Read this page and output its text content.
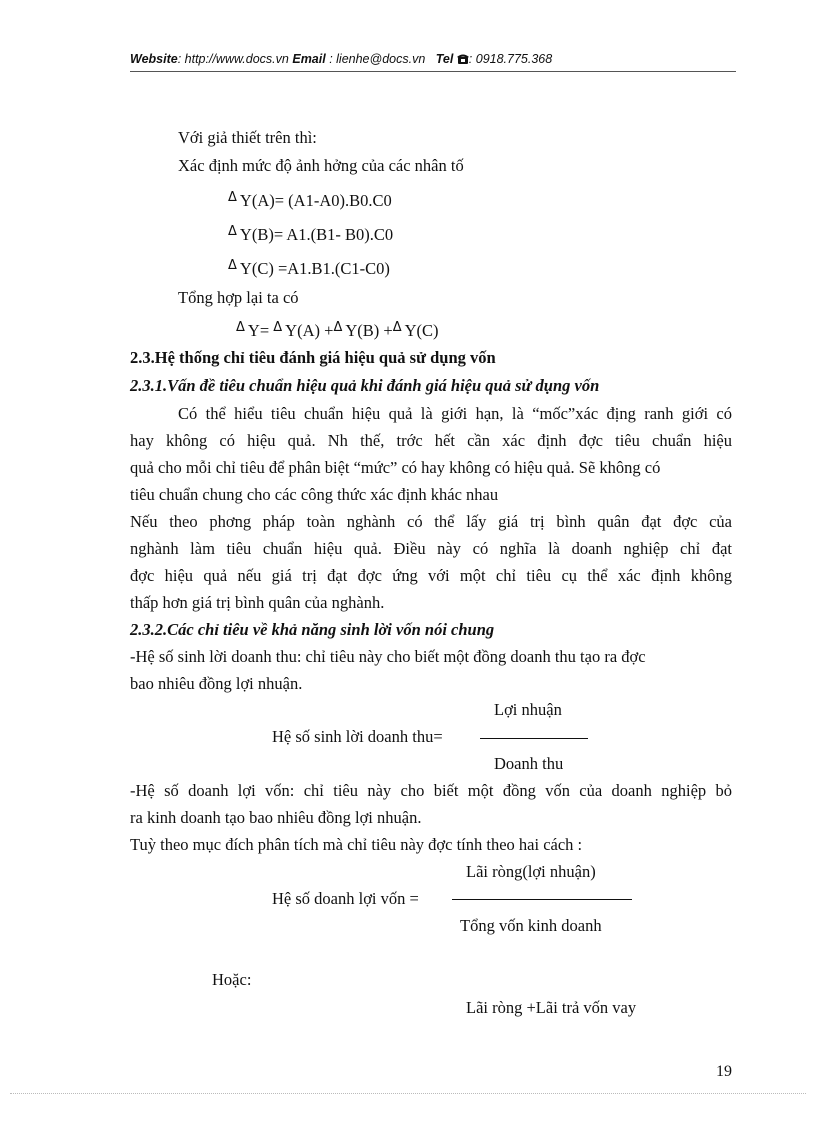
Website: http://www.docs.vn Email : lienhe@docs.vn Tel : 0918.775.368
Với giả thiết trên thì:
Xác định mức độ ảnh hởng của các nhân tố
$^\Delta$ Y(A)= (A1-A0).B0.C0
$^\Delta$ Y(B)= A1.(B1- B0).C0
$^\Delta$ Y(C) =A1.B1.(C1-C0)
Tổng hợp lại ta có
$^\Delta$ Y= $^\Delta$ Y(A) +$^\Delta$ Y(B) +$^\Delta$ Y(C)
2.3.Hệ thống chỉ tiêu đánh giá hiệu quả sử dụng vốn
2.3.1.Vấn đề tiêu chuẩn hiệu quả khi đánh giá hiệu quả sử dụng vốn
Có thể hiểu tiêu chuẩn hiệu quả là giới hạn, là “mốc”xác địng ranh giới có
hay không có hiệu quả. Nh thế, trớc hết cần xác định đợc tiêu chuẩn hiệu
quả cho mỗi chỉ tiêu để phân biệt “mức” có hay không có hiệu quả. Sẽ không có
tiêu chuẩn chung cho các công thức xác định khác nhau
Nếu theo phơng pháp toàn nghành có thể lấy giá trị bình quân đạt đợc của
nghành làm tiêu chuẩn hiệu quả. Điều này có nghĩa là doanh nghiệp chỉ đạt
đợc hiệu quả nếu giá trị đạt đợc ứng với một chỉ tiêu cụ thể xác định không
thấp hơn giá trị bình quân của nghành.
2.3.2.Các chỉ tiêu về khả năng sinh lời vốn nói chung
-Hệ số sinh lời doanh thu: chỉ tiêu này cho biết một đồng doanh thu tạo ra đợc
bao nhiêu đồng lợi nhuận.
Lợi nhuận
Hệ số sinh lời doanh thu=
Doanh thu
-Hệ số doanh lợi vốn: chỉ tiêu này cho biết một đồng vốn của doanh nghiệp bỏ
ra kinh doanh tạo bao nhiêu đồng lợi nhuận.
Tuỳ theo mục đích phân tích mà chỉ tiêu này đợc tính theo hai cách :
Lãi ròng(lợi nhuận)
Hệ số doanh lợi vốn =
Tổng vốn kinh doanh
Hoặc:
Lãi ròng +Lãi trả vốn vay
19
